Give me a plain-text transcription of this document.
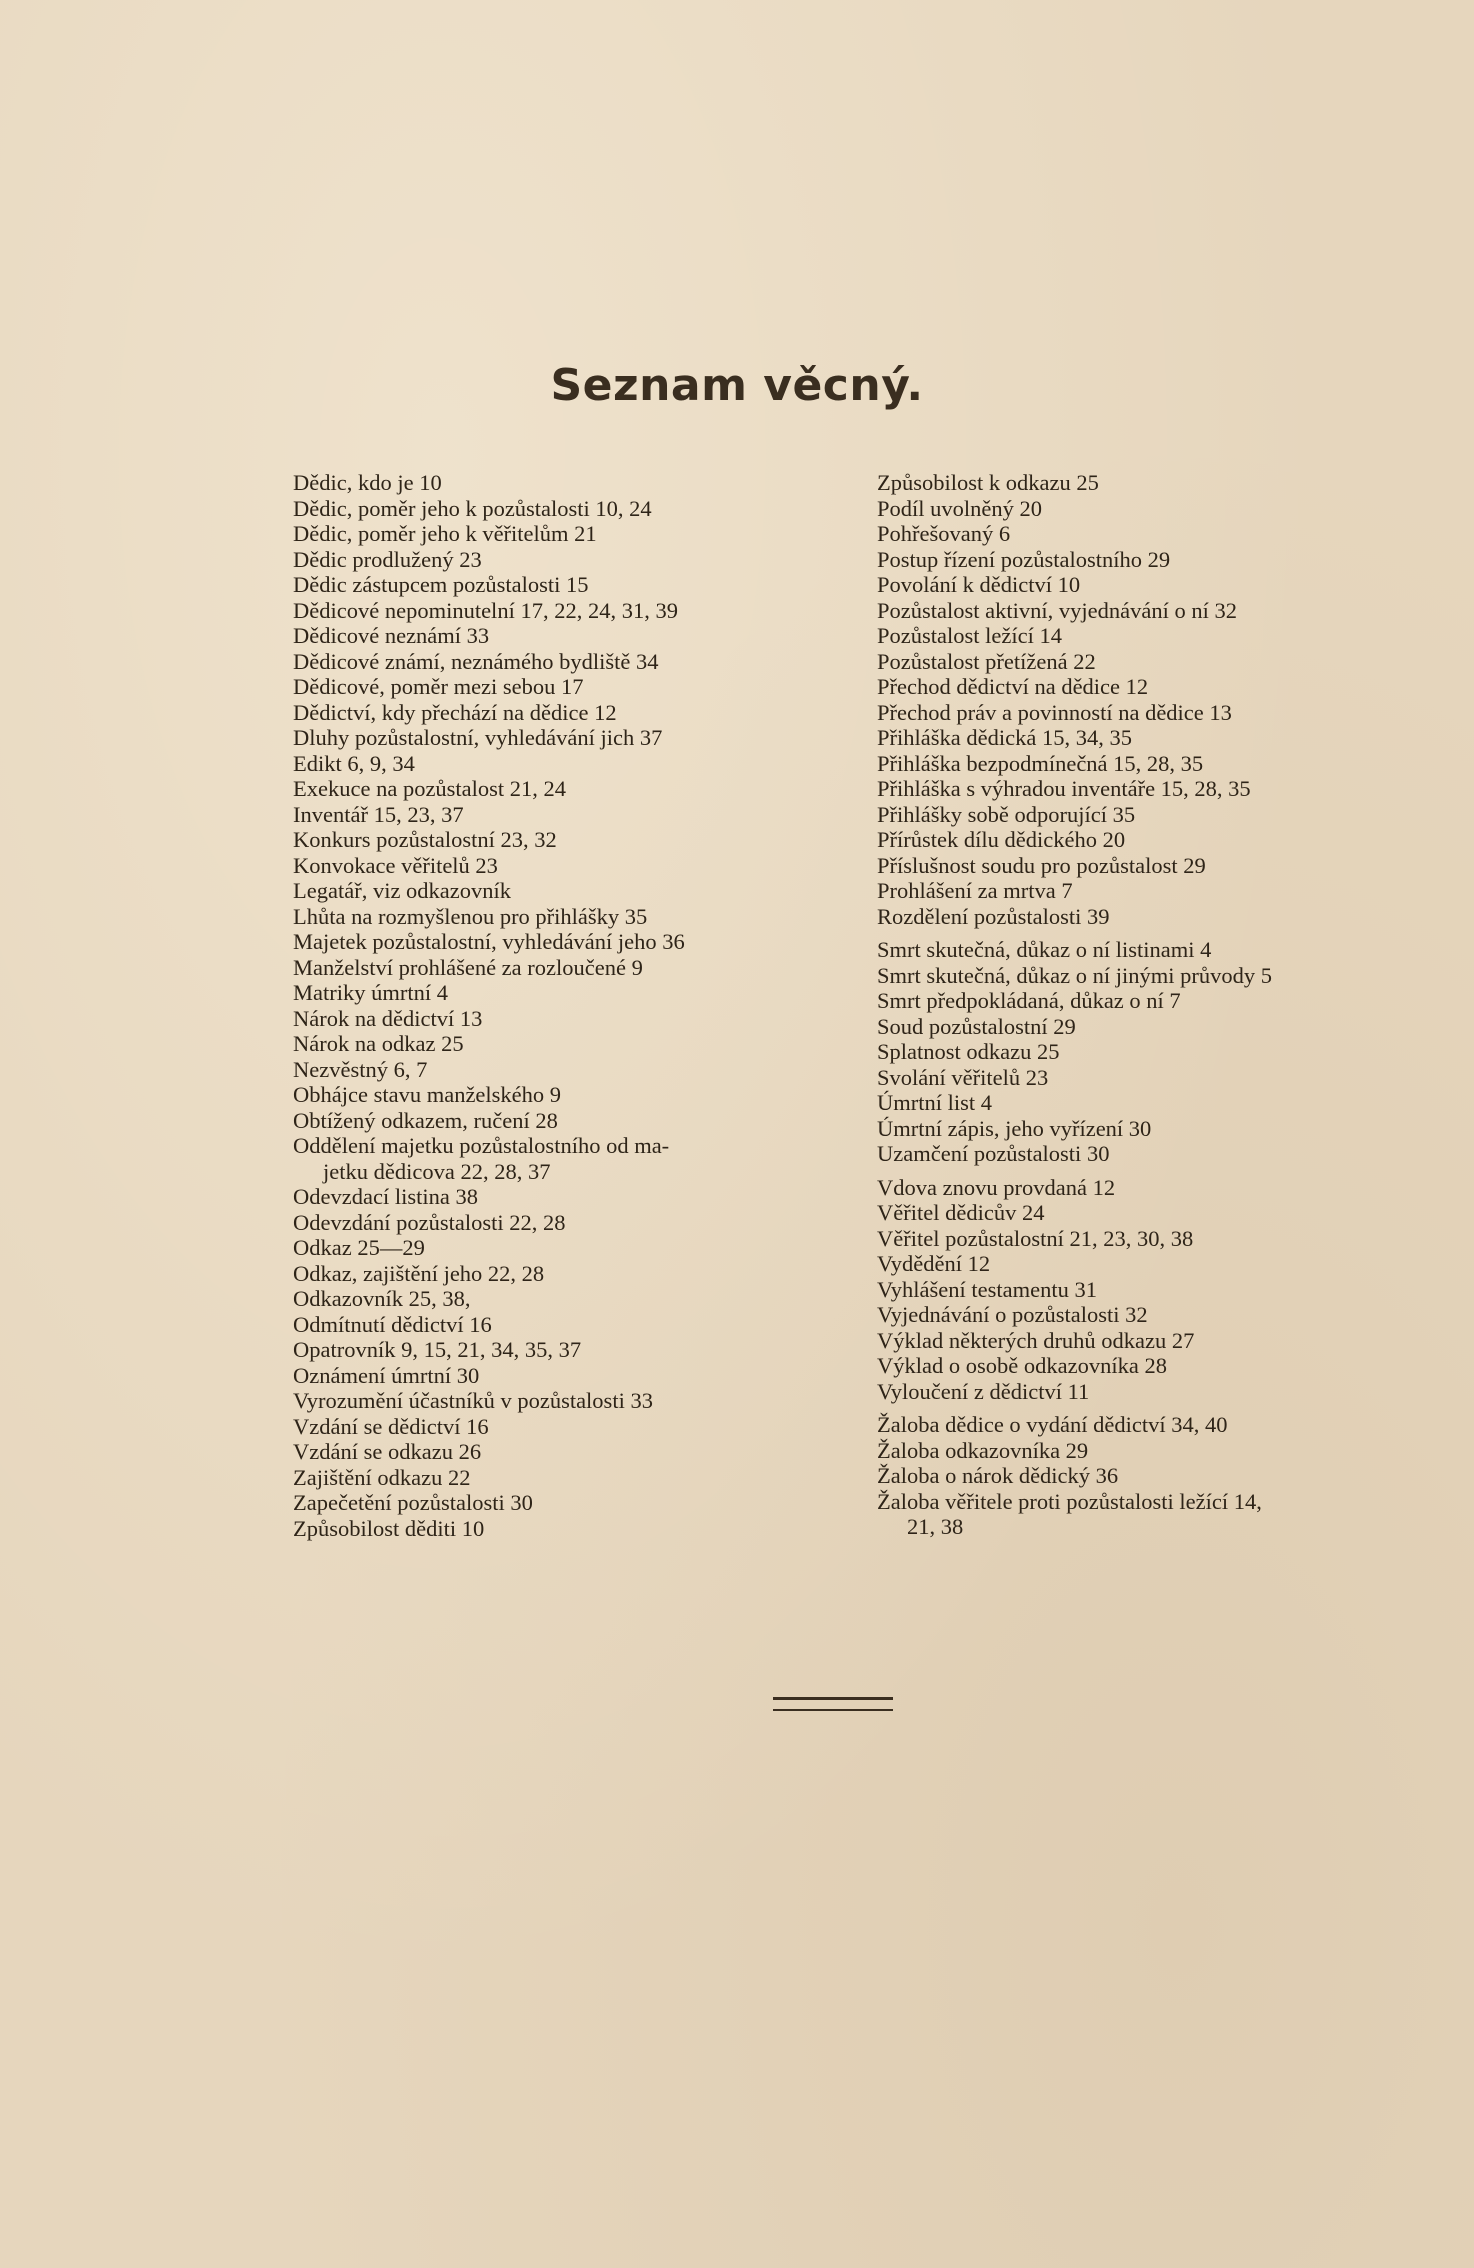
Seznam věcný.
Dědic, kdo je 10
Dědic, poměr jeho k pozůstalosti 10, 24
Dědic, poměr jeho k věřitelům 21
Dědic prodlužený 23
Dědic zástupcem pozůstalosti 15
Dědicové nepominutelní 17, 22, 24, 31, 39
Dědicové neznámí 33
Dědicové známí, neznámého bydliště 34
Dědicové, poměr mezi sebou 17
Dědictví, kdy přechází na dědice 12
Dluhy pozůstalostní, vyhledávání jich 37
Edikt 6, 9, 34
Exekuce na pozůstalost 21, 24
Inventář 15, 23, 37
Konkurs pozůstalostní 23, 32
Konvokace věřitelů 23
Legatář, viz odkazovník
Lhůta na rozmyšlenou pro přihlášky 35
Majetek pozůstalostní, vyhledávání jeho 36
Manželství prohlášené za rozloučené 9
Matriky úmrtní 4
Nárok na dědictví 13
Nárok na odkaz 25
Nezvěstný 6, 7
Obhájce stavu manželského 9
Obtížený odkazem, ručení 28
Oddělení majetku pozůstalostního od ma-
jetku dědicova 22, 28, 37
Odevzdací listina 38
Odevzdání pozůstalosti 22, 28
Odkaz 25—29
Odkaz, zajištění jeho 22, 28
Odkazovník 25, 38,
Odmítnutí dědictví 16
Opatrovník 9, 15, 21, 34, 35, 37
Oznámení úmrtní 30
Vyrozumění účastníků v pozůstalosti 33
Vzdání se dědictví 16
Vzdání se odkazu 26
Zajištění odkazu 22
Zapečetění pozůstalosti 30
Způsobilost děditi 10
Způsobilost k odkazu 25
Podíl uvolněný 20
Pohřešovaný 6
Postup řízení pozůstalostního 29
Povolání k dědictví 10
Pozůstalost aktivní, vyjednávání o ní 32
Pozůstalost ležící 14
Pozůstalost přetížená 22
Přechod dědictví na dědice 12
Přechod práv a povinností na dědice 13
Přihláška dědická 15, 34, 35
Přihláška bezpodmínečná 15, 28, 35
Přihláška s výhradou inventáře 15, 28, 35
Přihlášky sobě odporující 35
Přírůstek dílu dědického 20
Příslušnost soudu pro pozůstalost 29
Prohlášení za mrtva 7
Rozdělení pozůstalosti 39
Smrt skutečná, důkaz o ní listinami 4
Smrt skutečná, důkaz o ní jinými průvody 5
Smrt předpokládaná, důkaz o ní 7
Soud pozůstalostní 29
Splatnost odkazu 25
Svolání věřitelů 23
Úmrtní list 4
Úmrtní zápis, jeho vyřízení 30
Uzamčení pozůstalosti 30
Vdova znovu provdaná 12
Věřitel dědicův 24
Věřitel pozůstalostní 21, 23, 30, 38
Vydědění 12
Vyhlášení testamentu 31
Vyjednávání o pozůstalosti 32
Výklad některých druhů odkazu 27
Výklad o osobě odkazovníka 28
Vyloučení z dědictví 11
Žaloba dědice o vydání dědictví 34, 40
Žaloba odkazovníka 29
Žaloba o nárok dědický 36
Žaloba věřitele proti pozůstalosti ležící 14,
21, 38
